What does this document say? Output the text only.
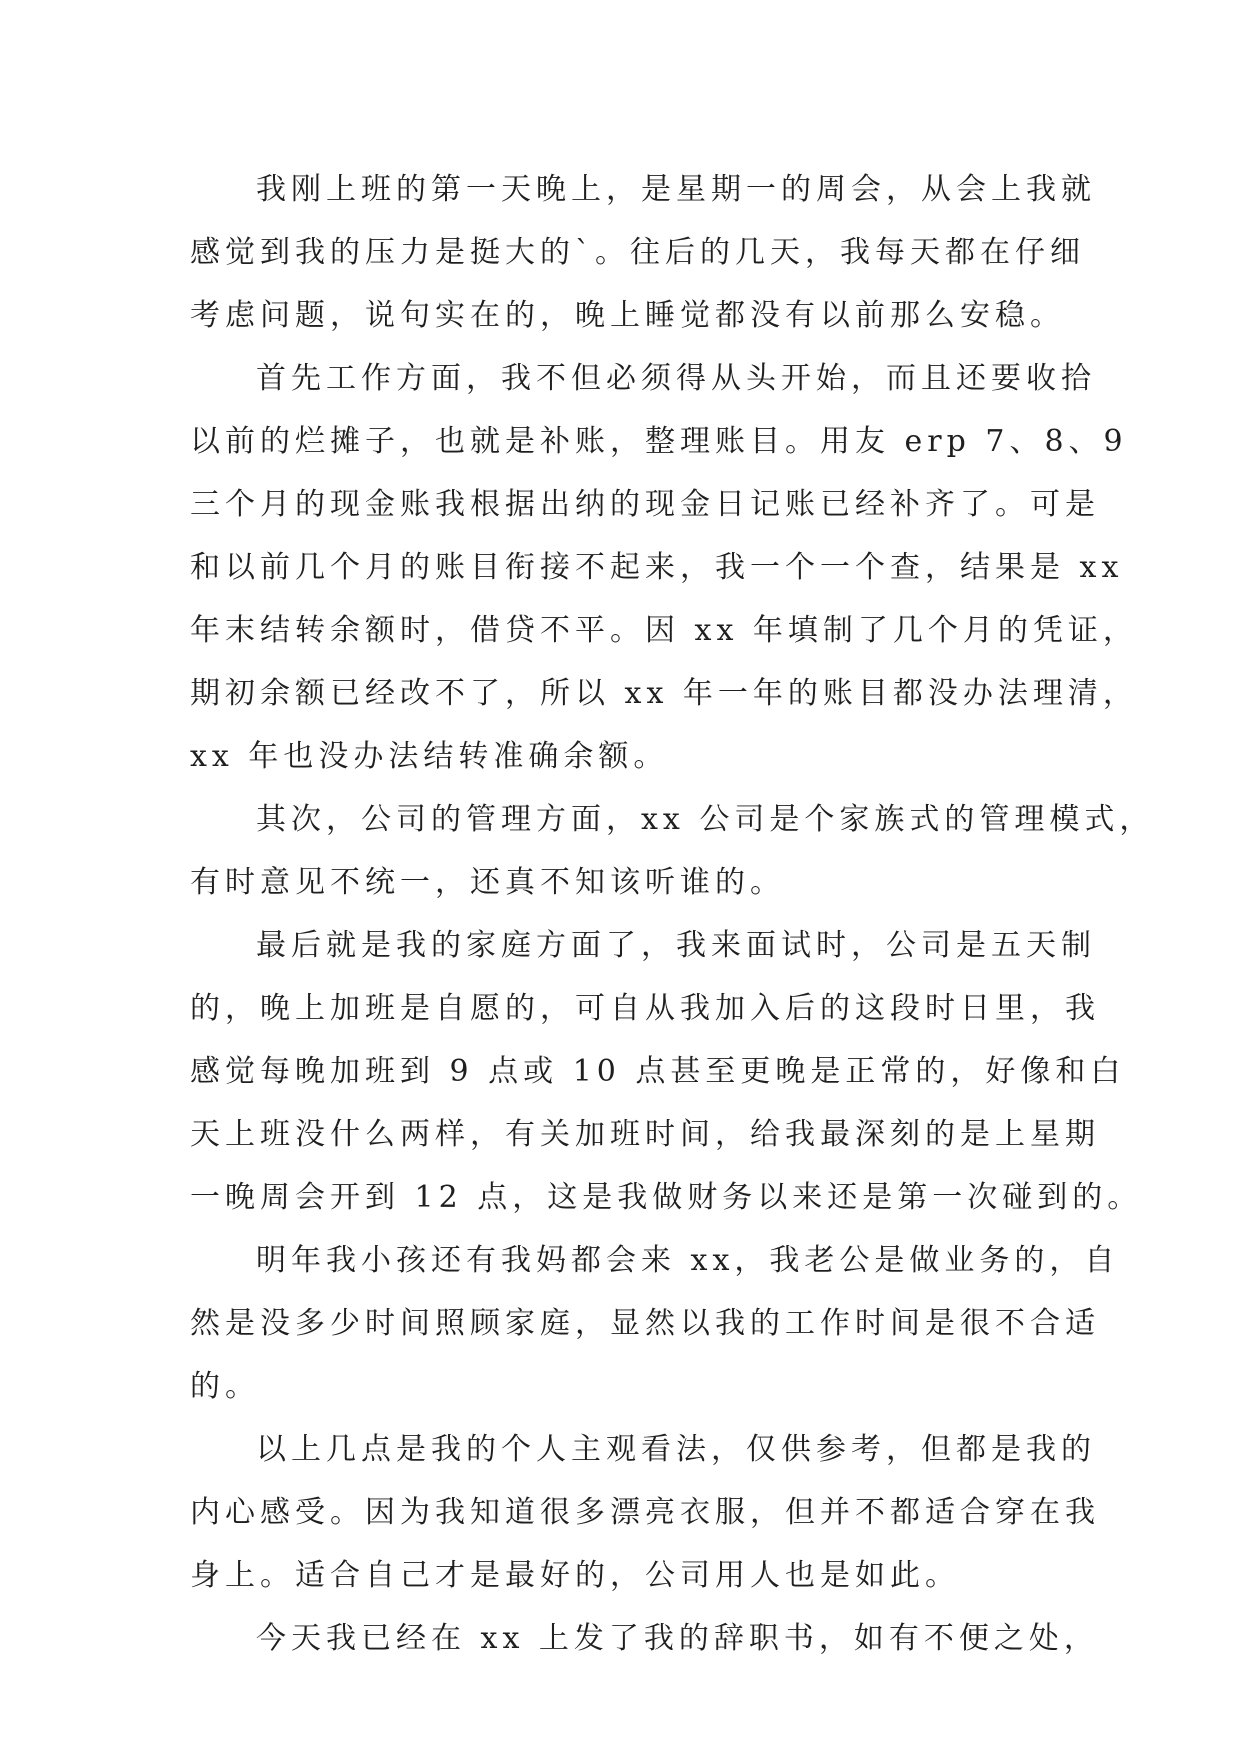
我刚上班的第一天晚上，是星期一的周会，从会上我就
感觉到我的压力是挺大的`。往后的几天，我每天都在仔细
考虑问题，说句实在的，晚上睡觉都没有以前那么安稳。
首先工作方面，我不但必须得从头开始，而且还要收拾
以前的烂摊子，也就是补账，整理账目。用友 erp 7、8、9
三个月的现金账我根据出纳的现金日记账已经补齐了。可是
和以前几个月的账目衔接不起来，我一个一个查，结果是 xx
年末结转余额时，借贷不平。因 xx 年填制了几个月的凭证，
期初余额已经改不了，所以 xx 年一年的账目都没办法理清，
xx 年也没办法结转准确余额。
其次，公司的管理方面，xx 公司是个家族式的管理模式，
有时意见不统一，还真不知该听谁的。
最后就是我的家庭方面了，我来面试时，公司是五天制
的，晚上加班是自愿的，可自从我加入后的这段时日里，我
感觉每晚加班到 9 点或 10 点甚至更晚是正常的，好像和白
天上班没什么两样，有关加班时间，给我最深刻的是上星期
一晚周会开到 12 点，这是我做财务以来还是第一次碰到的。
明年我小孩还有我妈都会来 xx，我老公是做业务的，自
然是没多少时间照顾家庭，显然以我的工作时间是很不合适
的。
以上几点是我的个人主观看法，仅供参考，但都是我的
内心感受。因为我知道很多漂亮衣服，但并不都适合穿在我
身上。适合自己才是最好的，公司用人也是如此。
今天我已经在 xx 上发了我的辞职书，如有不便之处，
